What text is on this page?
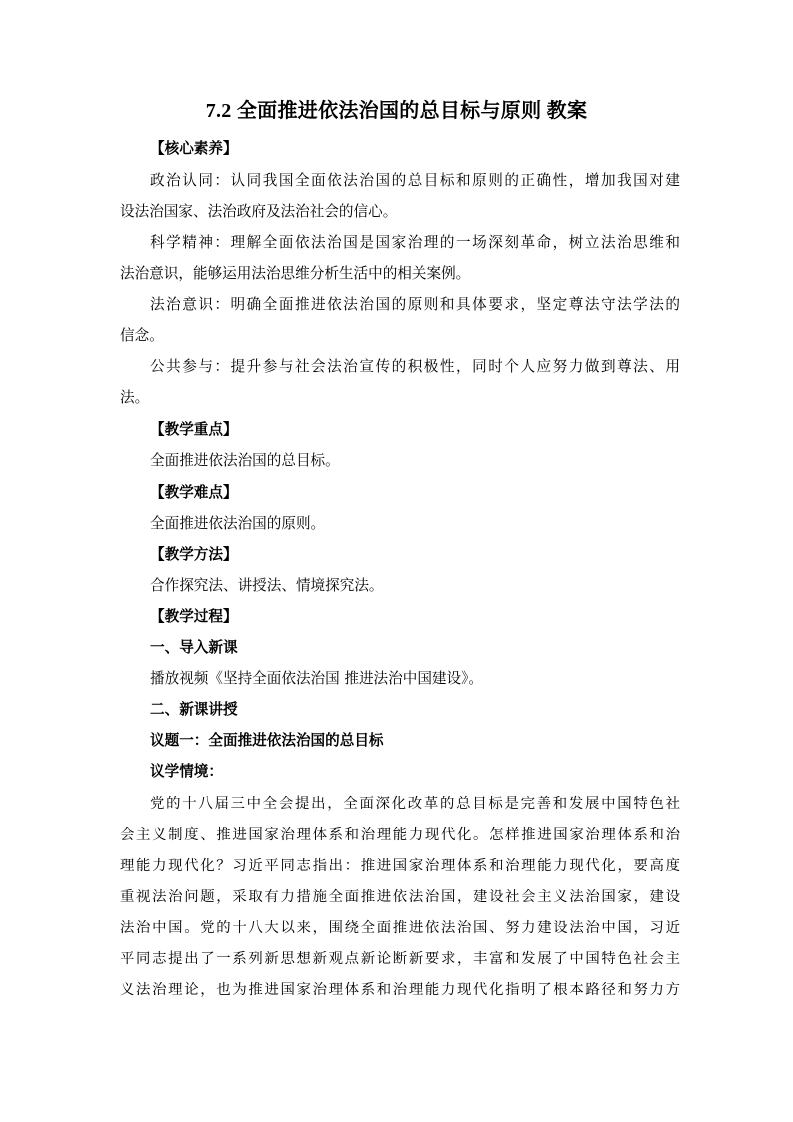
7.2 全面推进依法治国的总目标与原则 教案
【核心素养】
政治认同：认同我国全面依法治国的总目标和原则的正确性，增加我国对建
设法治国家、法治政府及法治社会的信心。
科学精神：理解全面依法治国是国家治理的一场深刻革命，树立法治思维和
法治意识，能够运用法治思维分析生活中的相关案例。
法治意识：明确全面推进依法治国的原则和具体要求，坚定尊法守法学法的
信念。
公共参与：提升参与社会法治宣传的积极性，同时个人应努力做到尊法、用
法。
【教学重点】
全面推进依法治国的总目标。
【教学难点】
全面推进依法治国的原则。
【教学方法】
合作探究法、讲授法、情境探究法。
【教学过程】
一、导入新课
播放视频《坚持全面依法治国 推进法治中国建设》。
二、新课讲授
议题一：全面推进依法治国的总目标
议学情境：
党的十八届三中全会提出，全面深化改革的总目标是完善和发展中国特色社
会主义制度、推进国家治理体系和治理能力现代化。怎样推进国家治理体系和治
理能力现代化？习近平同志指出：推进国家治理体系和治理能力现代化，要高度
重视法治问题，采取有力措施全面推进依法治国，建设社会主义法治国家，建设
法治中国。党的十八大以来，围绕全面推进依法治国、努力建设法治中国，习近
平同志提出了一系列新思想新观点新论断新要求，丰富和发展了中国特色社会主
义法治理论，也为推进国家治理体系和治理能力现代化指明了根本路径和努力方
